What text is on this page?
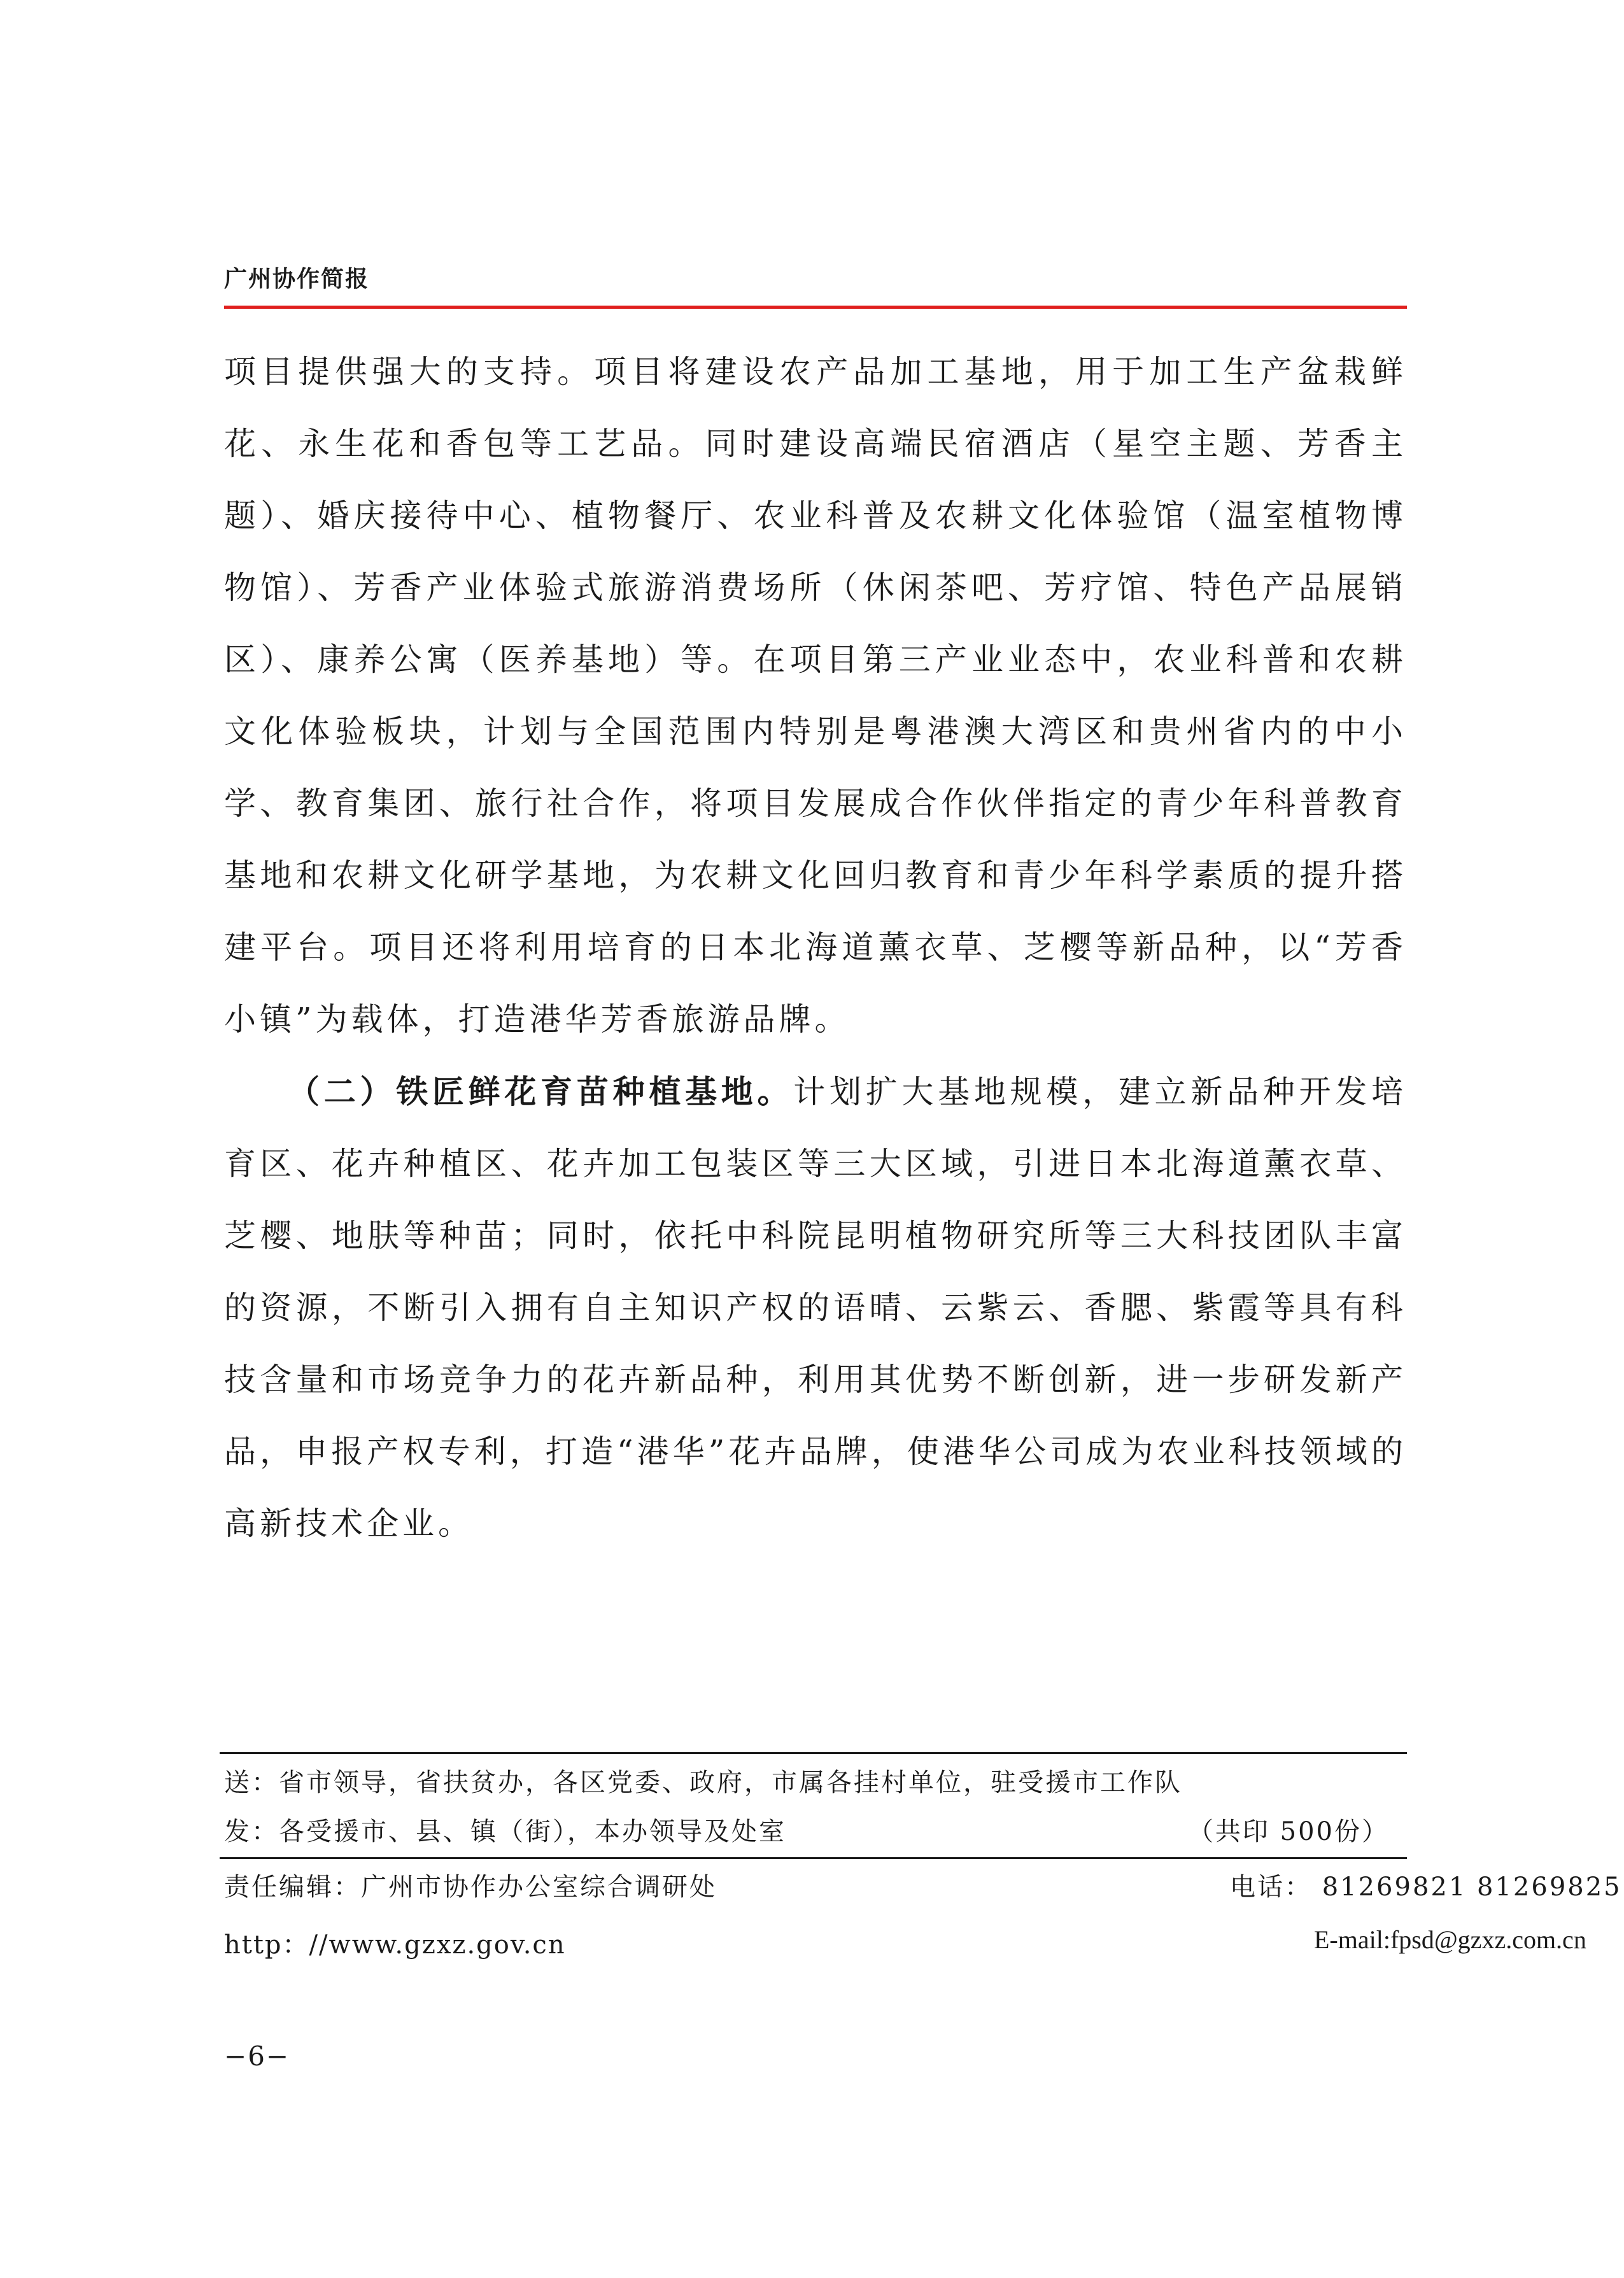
广州协作简报

项目提供强大的支持。项目将建设农产品加工基地，用于加工生产盆栽鲜花、永生花和香包等工艺品。同时建设高端民宿酒店（星空主题、芳香主题）、婚庆接待中心、植物餐厅、农业科普及农耕文化体验馆（温室植物博物馆）、芳香产业体验式旅游消费场所（休闲茶吧、芳疗馆、特色产品展销区）、康养公寓（医养基地）等。在项目第三产业业态中，农业科普和农耕文化体验板块，计划与全国范围内特别是粤港澳大湾区和贵州省内的中小学、教育集团、旅行社合作，将项目发展成合作伙伴指定的青少年科普教育基地和农耕文化研学基地，为农耕文化回归教育和青少年科学素质的提升搭建平台。项目还将利用培育的日本北海道薰衣草、芝樱等新品种，以“芳香小镇”为载体，打造港华芳香旅游品牌。

（二）铁匠鲜花育苗种植基地。计划扩大基地规模，建立新品种开发培育区、花卉种植区、花卉加工包装区等三大区域，引进日本北海道薰衣草、芝樱、地肤等种苗；同时，依托中科院昆明植物研究所等三大科技团队丰富的资源，不断引入拥有自主知识产权的语晴、云紫云、香腮、紫霞等具有科技含量和市场竞争力的花卉新品种，利用其优势不断创新，进一步研发新产品，申报产权专利，打造“港华”花卉品牌，使港华公司成为农业科技领域的高新技术企业。

送：省市领导，省扶贫办，各区党委、政府，市属各挂村单位，驻受援市工作队
发：各受援市、县、镇（街），本办领导及处室	（共印 500份）
责任编辑：广州市协作办公室综合调研处	电话： 81269821 81269825
http：//www.gzxz.gov.cn	E-mail:fpsd@gzxz.com.cn
−6−
